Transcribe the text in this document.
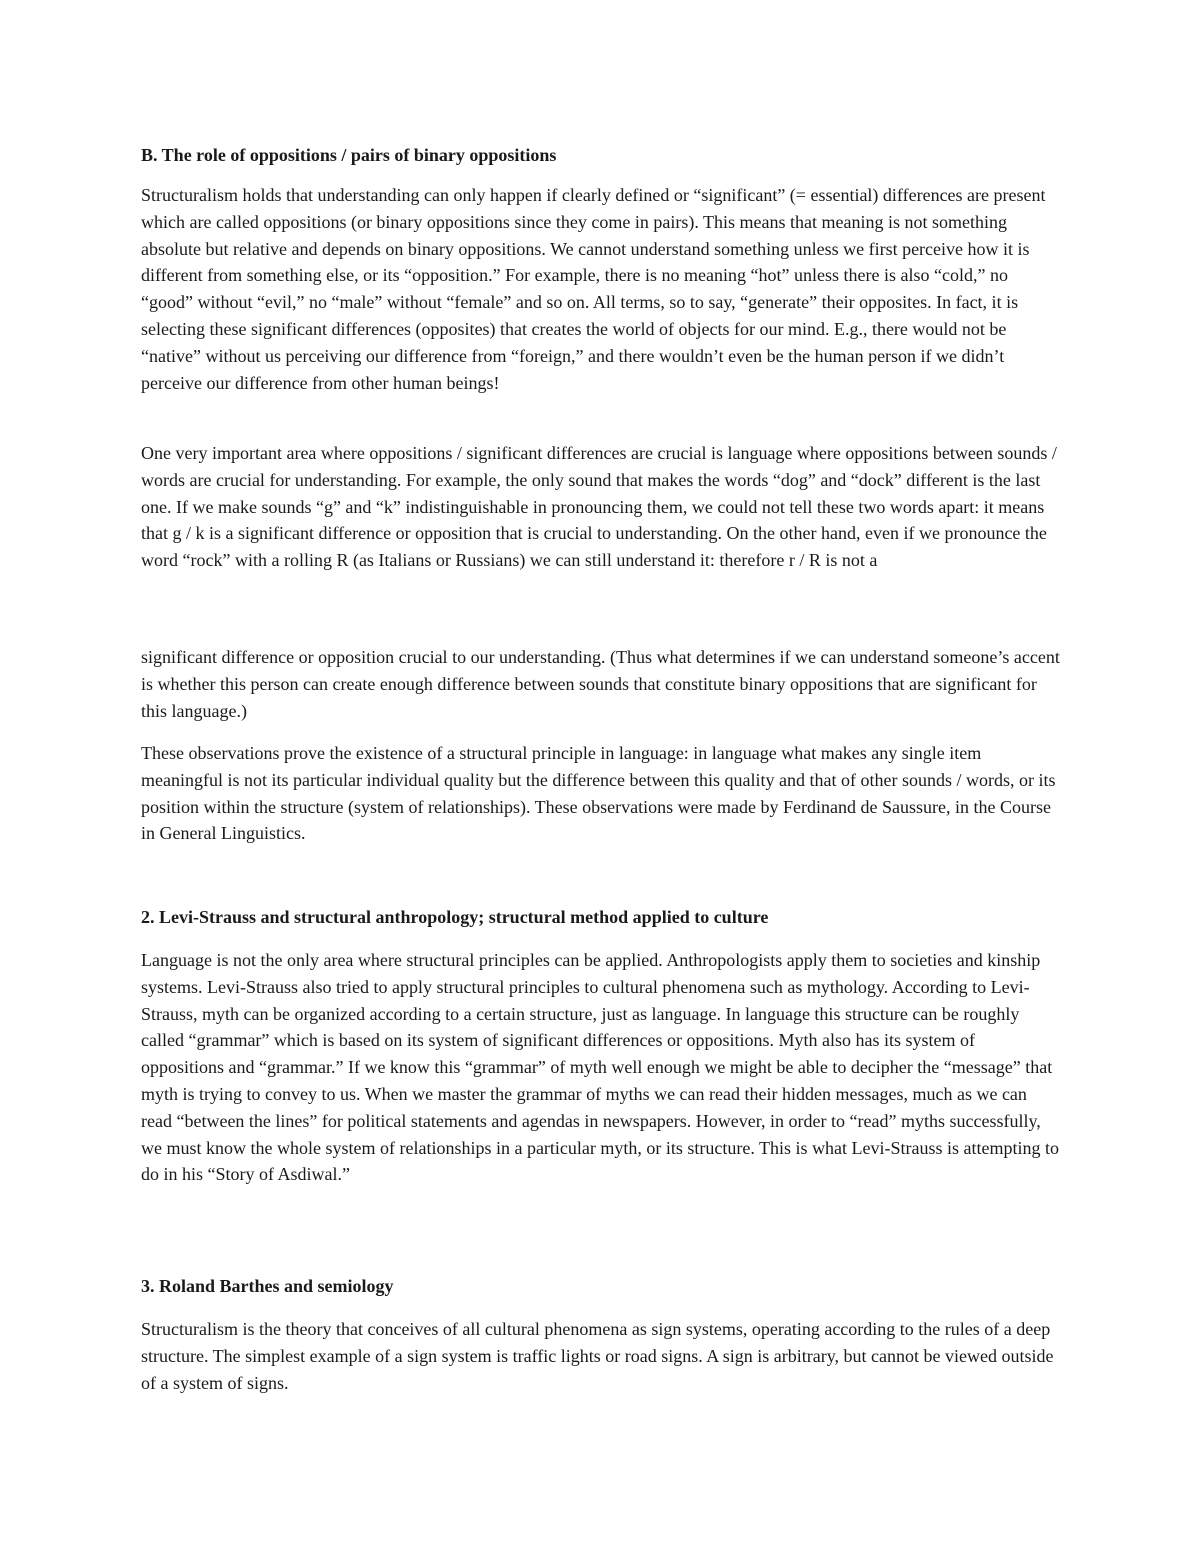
B. The role of oppositions / pairs of binary oppositions

Structuralism holds that understanding can only happen if clearly defined or “significant” (= essential) differences are present which are called oppositions (or binary oppositions since they come in pairs). This means that meaning is not something absolute but relative and depends on binary oppositions. We cannot understand something unless we first perceive how it is different from something else, or its “opposition.” For example, there is no meaning “hot” unless there is also “cold,” no “good” without “evil,” no “male” without “female” and so on. All terms, so to say, “generate” their opposites. In fact, it is selecting these significant differences (opposites) that creates the world of objects for our mind. E.g., there would not be “native” without us perceiving our difference from “foreign,” and there wouldn’t even be the human person if we didn’t perceive our difference from other human beings!

One very important area where oppositions / significant differences are crucial is language where oppositions between sounds / words are crucial for understanding. For example, the only sound that makes the words “dog” and “dock” different is the last one. If we make sounds “g” and “k” indistinguishable in pronouncing them, we could not tell these two words apart: it means that g / k is a significant difference or opposition that is crucial to understanding. On the other hand, even if we pronounce the word “rock” with a rolling R (as Italians or Russians) we can still understand it: therefore r / R is not a

significant difference or opposition crucial to our understanding. (Thus what determines if we can understand someone’s accent is whether this person can create enough difference between sounds that constitute binary oppositions that are significant for this language.)

These observations prove the existence of a structural principle in language: in language what makes any single item meaningful is not its particular individual quality but the difference between this quality and that of other sounds / words, or its position within the structure (system of relationships). These observations were made by Ferdinand de Saussure, in the Course in General Linguistics.

2. Levi-Strauss and structural anthropology; structural method applied to culture

Language is not the only area where structural principles can be applied. Anthropologists apply them to societies and kinship systems. Levi-Strauss also tried to apply structural principles to cultural phenomena such as mythology. According to Levi-Strauss, myth can be organized according to a certain structure, just as language. In language this structure can be roughly called “grammar” which is based on its system of significant differences or oppositions. Myth also has its system of oppositions and “grammar.” If we know this “grammar” of myth well enough we might be able to decipher the “message” that myth is trying to convey to us. When we master the grammar of myths we can read their hidden messages, much as we can read “between the lines” for political statements and agendas in newspapers. However, in order to “read” myths successfully, we must know the whole system of relationships in a particular myth, or its structure. This is what Levi-Strauss is attempting to do in his “Story of Asdiwal.”

3. Roland Barthes and semiology

Structuralism is the theory that conceives of all cultural phenomena as sign systems, operating according to the rules of a deep structure. The simplest example of a sign system is traffic lights or road signs. A sign is arbitrary, but cannot be viewed outside of a system of signs.
